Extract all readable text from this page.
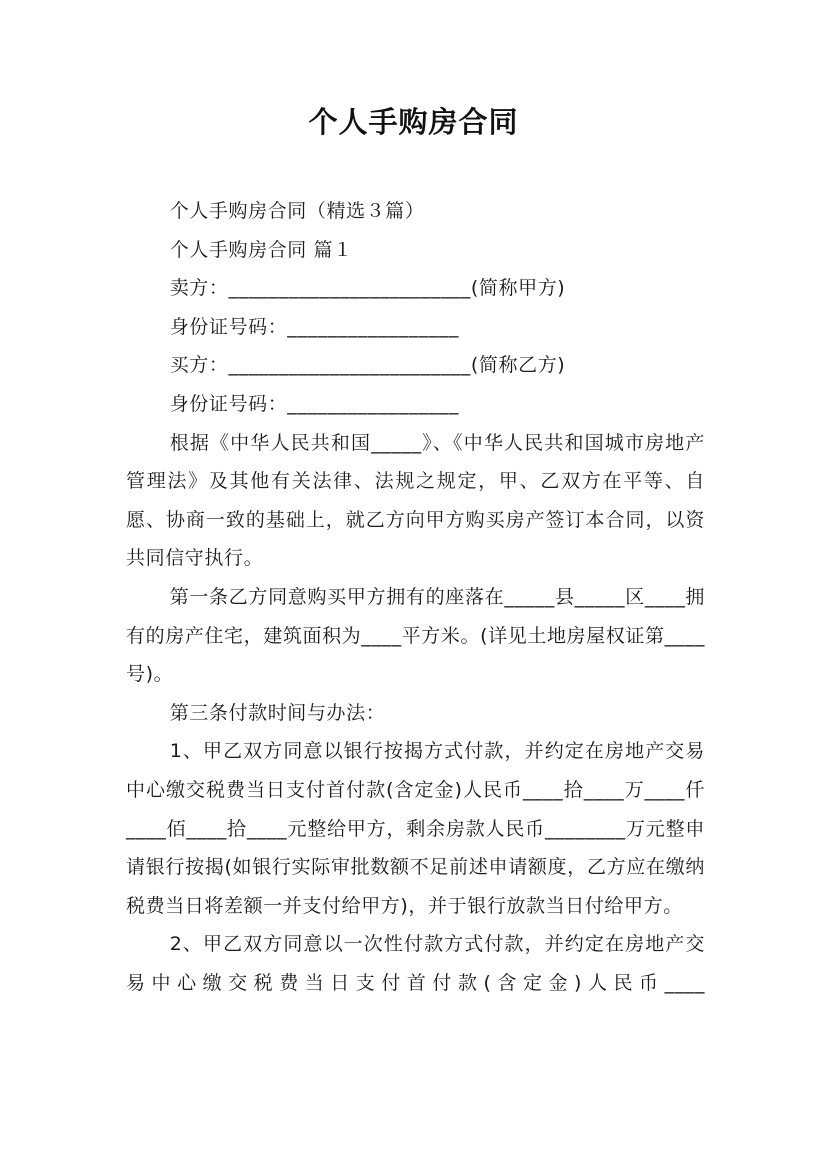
个人手购房合同

个人手购房合同（精选３篇）

个人手购房合同 篇１

卖方：________________________(简称甲方)

身份证号码：_________________

买方：________________________(简称乙方)

身份证号码：_________________

根据《中华人民共和国_____》、《中华人民共和国城市房地产管理法》及其他有关法律、法规之规定，甲、乙双方在平等、自愿、协商一致的基础上，就乙方向甲方购买房产签订本合同，以资共同信守执行。

第一条乙方同意购买甲方拥有的座落在_____县_____区____拥有的房产住宅，建筑面积为____平方米。(详见土地房屋权证第____号)。

第三条付款时间与办法：

1、甲乙双方同意以银行按揭方式付款，并约定在房地产交易中心缴交税费当日支付首付款(含定金)人民币____拾____万____仟____佰____拾____元整给甲方，剩余房款人民币________万元整申请银行按揭(如银行实际审批数额不足前述申请额度，乙方应在缴纳税费当日将差额一并支付给甲方)，并于银行放款当日付给甲方。

2、甲乙双方同意以一次性付款方式付款，并约定在房地产交易中心缴交税费当日支付首付款(含定金)人民币____
